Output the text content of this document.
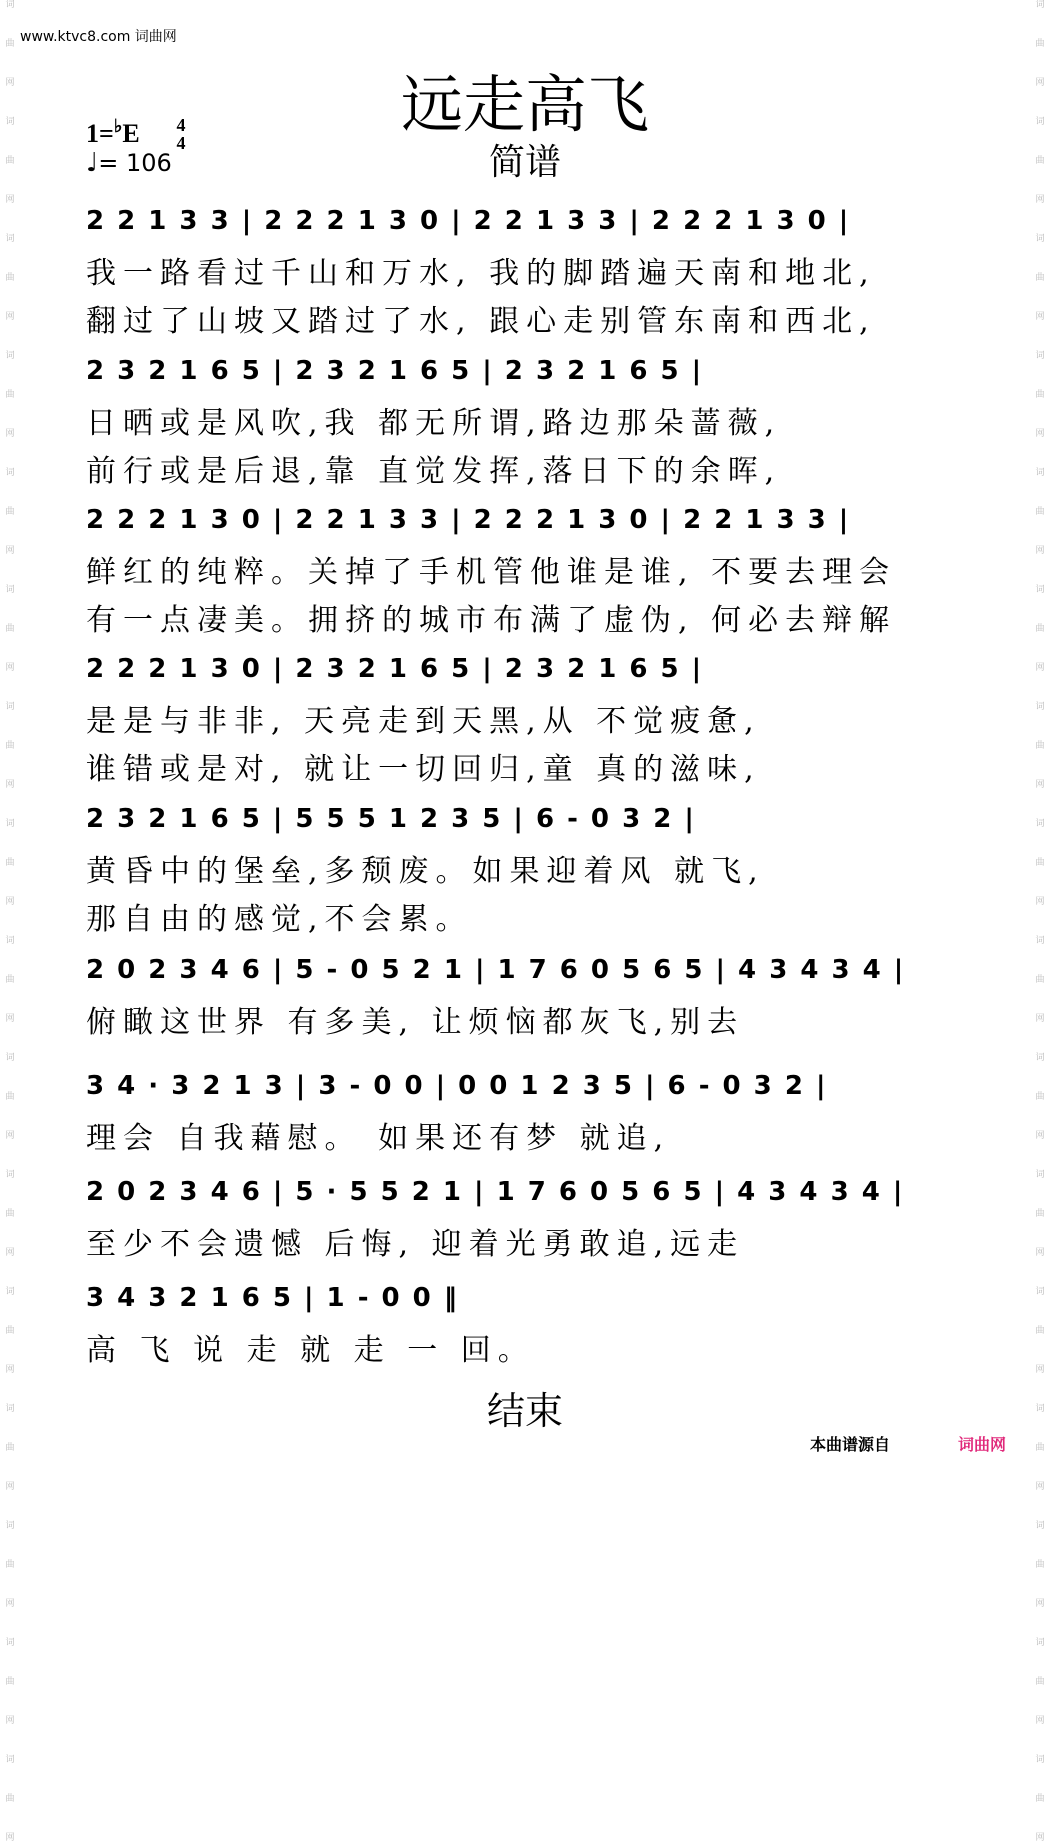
www.ktvc8.com 词曲网
词
曲
网
词
曲
网
词
曲
网
词
曲
网
词
曲
网
词
曲
网
词
曲
网
词
曲
网
词
曲
网
词
曲
网
词
曲
网
词
曲
网
词
曲
网
词
曲
网
词
曲
网
词
曲
网
词
曲
网
词
曲
网
词
曲
网
词
曲
网
词
曲
网
词
曲
网
词
曲
网
词
曲
网
词
曲
网
词
曲
网
词
曲
网
词
曲
网
词
曲
网
词
曲
网
词
曲
网
词
曲
网
远走高飞
简谱
1=♭E 4
4
♩= 106
2 2 1 3 3 | 2 2 2 1 3 0 | 2 2 1 3 3 | 2 2 2 1 3 0 |
我一路看过千山和万水, 我的脚踏遍天南和地北,
翻过了山坡又踏过了水, 跟心走别管东南和西北,
2 3 2 1 6 5 | 2 3 2 1 6 5 | 2 3 2 1 6 5 |
日晒或是风吹,我 都无所谓,路边那朵蔷薇,
前行或是后退,靠 直觉发挥,落日下的余晖,
2 2 2 1 3 0 | 2 2 1 3 3 | 2 2 2 1 3 0 | 2 2 1 3 3 |
鲜红的纯粹。关掉了手机管他谁是谁, 不要去理会
有一点凄美。拥挤的城市布满了虚伪, 何必去辩解
2 2 2 1 3 0 | 2 3 2 1 6 5 | 2 3 2 1 6 5 |
是是与非非, 天亮走到天黑,从 不觉疲惫,
谁错或是对, 就让一切回归,童 真的滋味,
2 3 2 1 6 5 | 5 5 5 1 2 3 5 | 6 - 0 3 2 |
黄昏中的堡垒,多颓废。如果迎着风 就飞,
那自由的感觉,不会累。
2 0 2 3 4 6 | 5 - 0 5 2 1 | 1 7 6 0 5 6 5 | 4 3 4 3 4 |
俯瞰这世界 有多美, 让烦恼都灰飞,别去
3 4 · 3 2 1 3 | 3 - 0 0 | 0 0 1 2 3 5 | 6 - 0 3 2 |
理会 自我藉慰。 如果还有梦 就追,
2 0 2 3 4 6 | 5 · 5 5 2 1 | 1 7 6 0 5 6 5 | 4 3 4 3 4 |
至少不会遗憾 后悔, 迎着光勇敢追,远走
3 4 3 2 1 6 5 | 1 - 0 0 ‖
高 飞 说 走 就 走 一 回。
结束
本曲谱源自	词曲网
